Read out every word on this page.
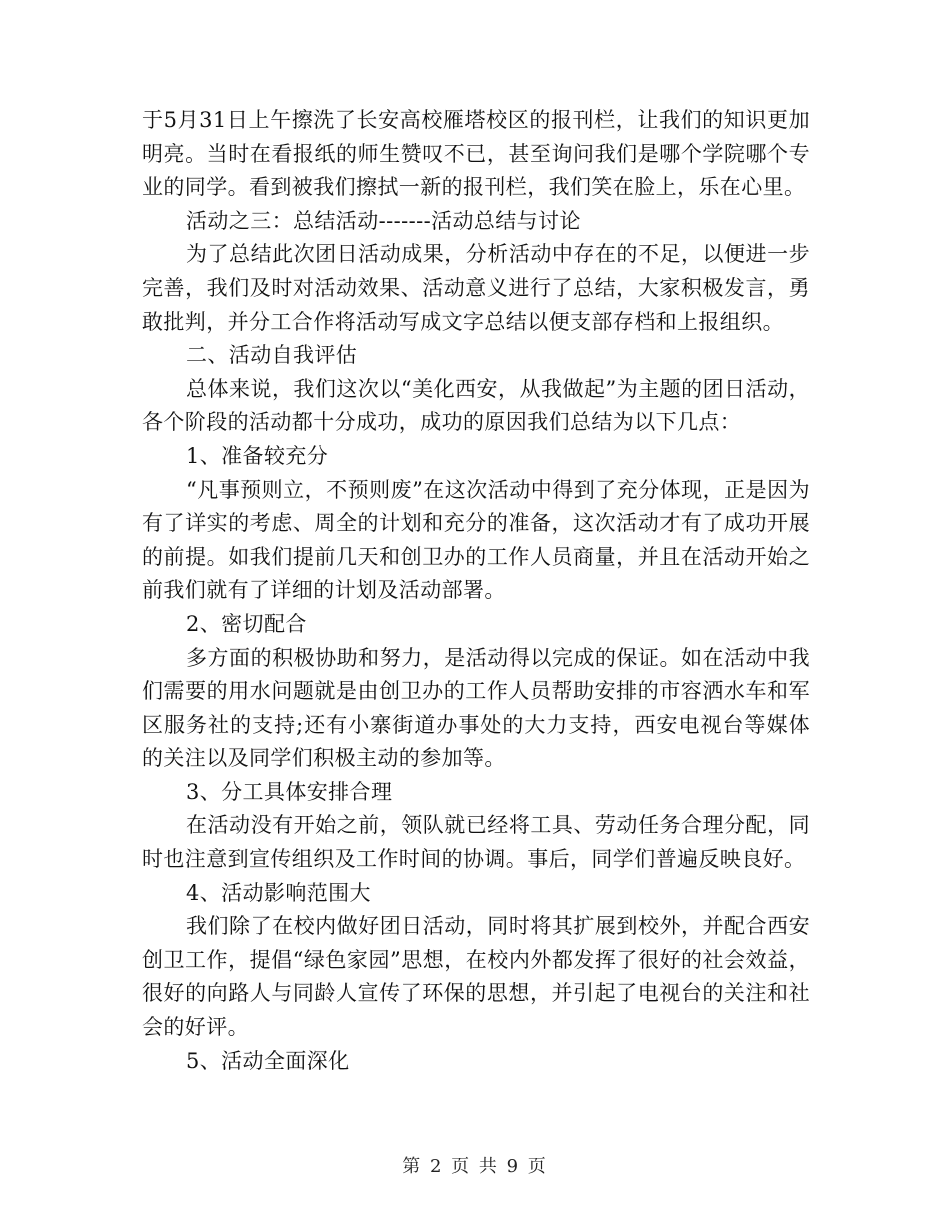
于5月31日上午擦洗了长安高校雁塔校区的报刊栏，让我们的知识更加明亮。当时在看报纸的师生赞叹不已，甚至询问我们是哪个学院哪个专业的同学。看到被我们擦拭一新的报刊栏，我们笑在脸上，乐在心里。

活动之三：总结活动-------活动总结与讨论

为了总结此次团日活动成果，分析活动中存在的不足，以便进一步完善，我们及时对活动效果、活动意义进行了总结，大家积极发言，勇敢批判，并分工合作将活动写成文字总结以便支部存档和上报组织。

二、活动自我评估

总体来说，我们这次以“美化西安，从我做起”为主题的团日活动，各个阶段的活动都十分成功，成功的原因我们总结为以下几点：

1、准备较充分

“凡事预则立，不预则废”在这次活动中得到了充分体现，正是因为有了详实的考虑、周全的计划和充分的准备，这次活动才有了成功开展的前提。如我们提前几天和创卫办的工作人员商量，并且在活动开始之前我们就有了详细的计划及活动部署。

2、密切配合

多方面的积极协助和努力，是活动得以完成的保证。如在活动中我们需要的用水问题就是由创卫办的工作人员帮助安排的市容洒水车和军区服务社的支持;还有小寨街道办事处的大力支持，西安电视台等媒体的关注以及同学们积极主动的参加等。

3、分工具体安排合理

在活动没有开始之前，领队就已经将工具、劳动任务合理分配，同时也注意到宣传组织及工作时间的协调。事后，同学们普遍反映良好。

4、活动影响范围大

我们除了在校内做好团日活动，同时将其扩展到校外，并配合西安创卫工作，提倡“绿色家园”思想，在校内外都发挥了很好的社会效益，很好的向路人与同龄人宣传了环保的思想，并引起了电视台的关注和社会的好评。

5、活动全面深化

第 2 页 共 9 页
